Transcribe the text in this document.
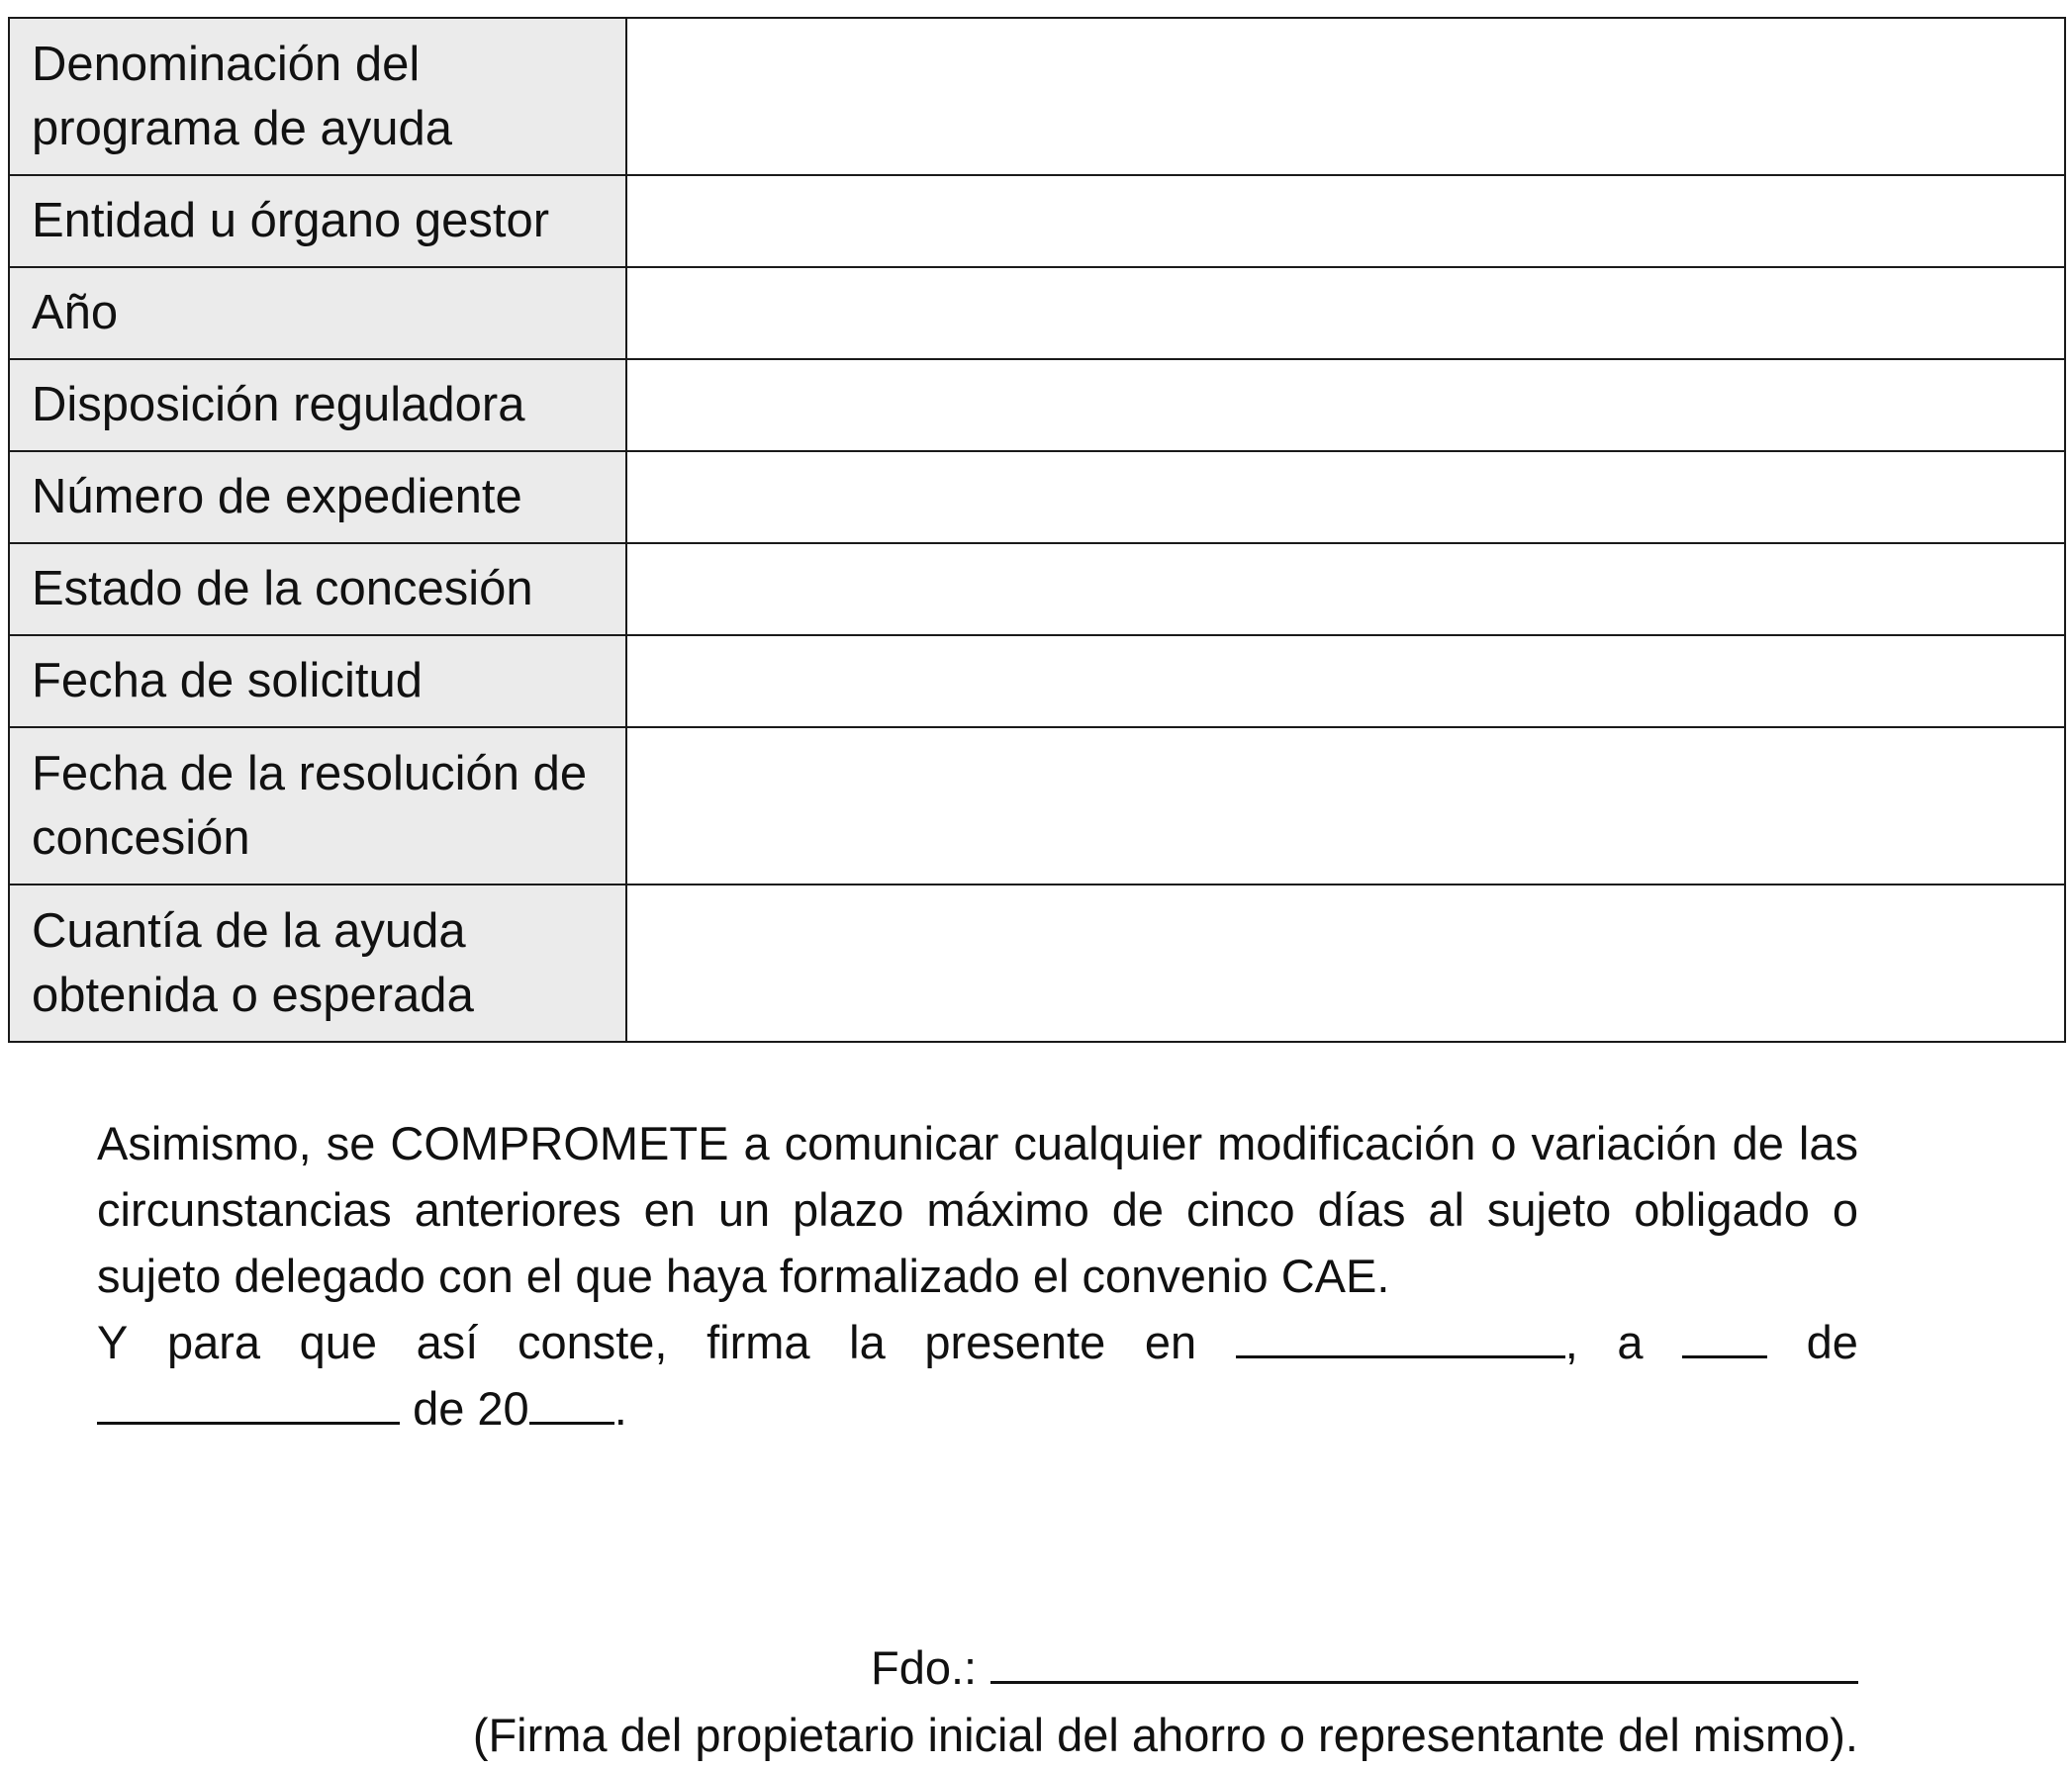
Denominación del programa de ayuda	
Entidad u órgano gestor	
Año	
Disposición reguladora	
Número de expediente	
Estado de la concesión	
Fecha de solicitud	
Fecha de la resolución de concesión	
Cuantía de la ayuda obtenida o esperada	
Asimismo, se COMPROMETE a comunicar cualquier modificación o variación de las circunstancias anteriores en un plazo máximo de cinco días al sujeto obligado o sujeto delegado con el que haya formalizado el convenio CAE.
Y para que así conste, firma la presente en	, a	de
de 20 .
Fdo.:
(Firma del propietario inicial del ahorro o representante del mismo).
